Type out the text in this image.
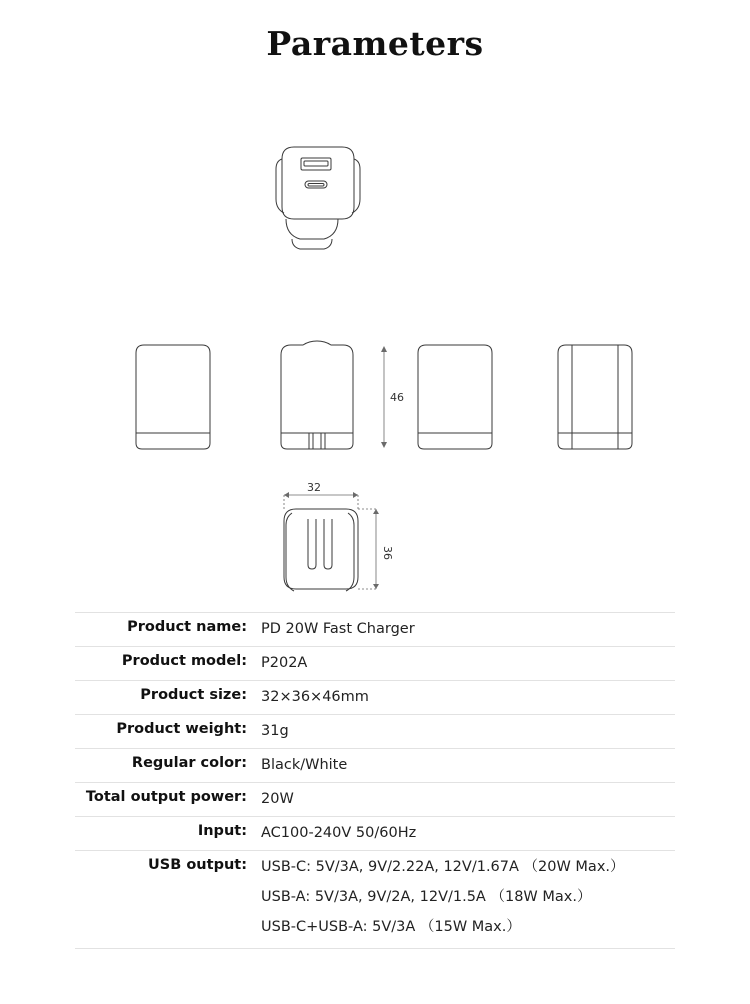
Parameters
46
32
36
Product name:	PD 20W Fast Charger
Product model:	P202A
Product size:	32×36×46mm
Product weight:	31g
Regular color:	Black/White
Total output power:	20W
Input:	AC100-240V 50/60Hz
USB output:	USB-C: 5V/3A, 9V/2.22A, 12V/1.67A （20W Max.）
USB-A: 5V/3A, 9V/2A, 12V/1.5A （18W Max.）
USB-C+USB-A: 5V/3A （15W Max.）
